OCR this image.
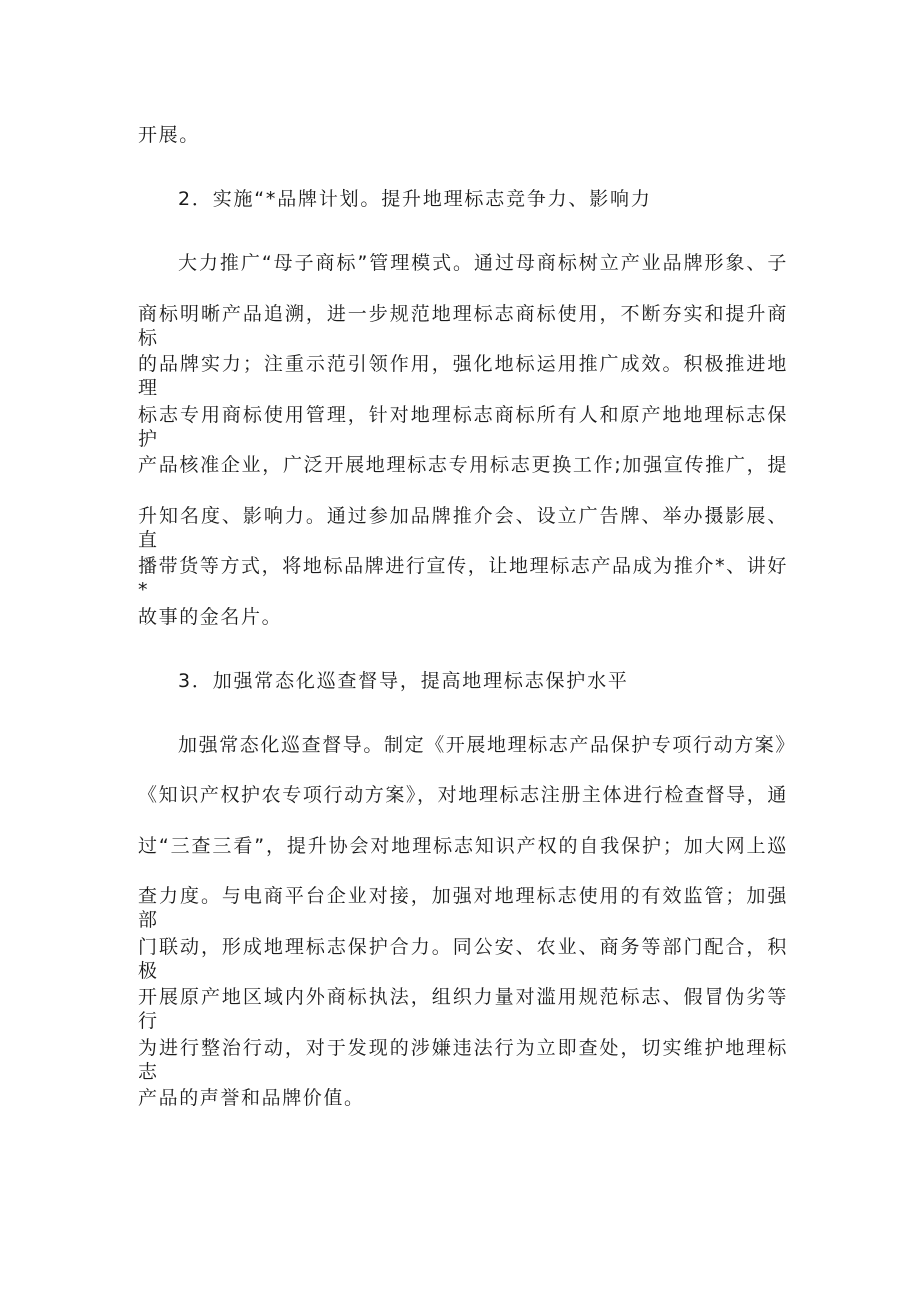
开展。
2．实施“*品牌计划。提升地理标志竞争力、影响力
大力推广“母子商标”管理模式。通过母商标树立产业品牌形象、子
商标明晰产品追溯，进一步规范地理标志商标使用，不断夯实和提升商标
的品牌实力；注重示范引领作用，强化地标运用推广成效。积极推进地理
标志专用商标使用管理，针对地理标志商标所有人和原产地地理标志保护
产品核准企业，广泛开展地理标志专用标志更换工作;加强宣传推广，提
升知名度、影响力。通过参加品牌推介会、设立广告牌、举办摄影展、直
播带货等方式，将地标品牌进行宣传，让地理标志产品成为推介*、讲好*
故事的金名片。
3．加强常态化巡查督导，提高地理标志保护水平
加强常态化巡查督导。制定《开展地理标志产品保护专项行动方案》
《知识产权护农专项行动方案》，对地理标志注册主体进行检查督导，通
过“三查三看”，提升协会对地理标志知识产权的自我保护；加大网上巡
查力度。与电商平台企业对接，加强对地理标志使用的有效监管；加强部
门联动，形成地理标志保护合力。同公安、农业、商务等部门配合，积极
开展原产地区域内外商标执法，组织力量对滥用规范标志、假冒伪劣等行
为进行整治行动，对于发现的涉嫌违法行为立即查处，切实维护地理标志
产品的声誉和品牌价值。
